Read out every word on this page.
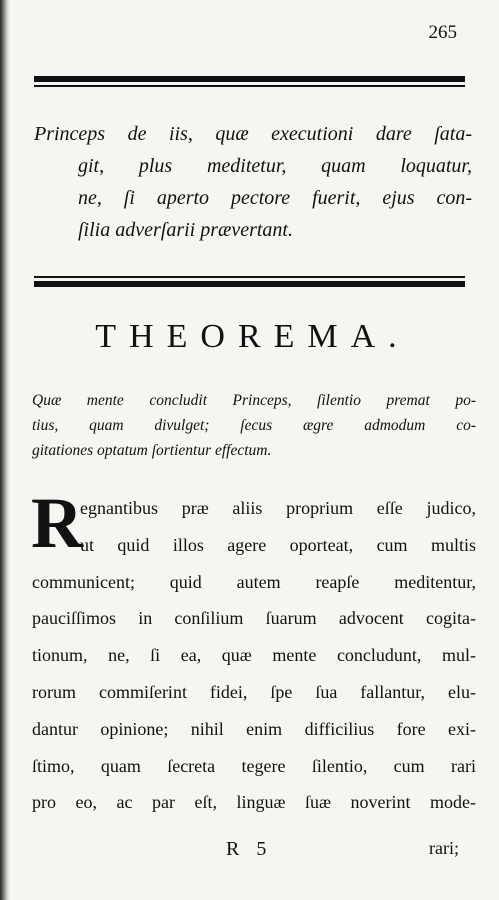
265

Princeps de iis, quæ executioni dare ſata-
git, plus meditetur, quam loquatur,
ne, ſi aperto pectore fuerit, ejus con-
ſilia adverſarii prævertant.

THEOREMA.

Quæ mente concludit Princeps, ſilentio premat po-
tius, quam divulget; ſecus ægre admodum co-
gitationes optatum ſortientur effectum.

R
egnantibus præ aliis proprium eſſe judico,
ut quid illos agere oporteat, cum multis
communicent; quid autem reapſe meditentur,
pauciſſimos in conſilium ſuarum advocent cogita-
tionum, ne, ſi ea, quæ mente concludunt, mul-
rorum commiſerint fidei, ſpe ſua fallantur, elu-
dantur opinione; nihil enim difficilius fore exi-
ſtimo, quam ſecreta tegere ſilentio, cum rari
pro eo, ac par eſt, linguæ ſuæ noverint mode-
R 5	rari;
